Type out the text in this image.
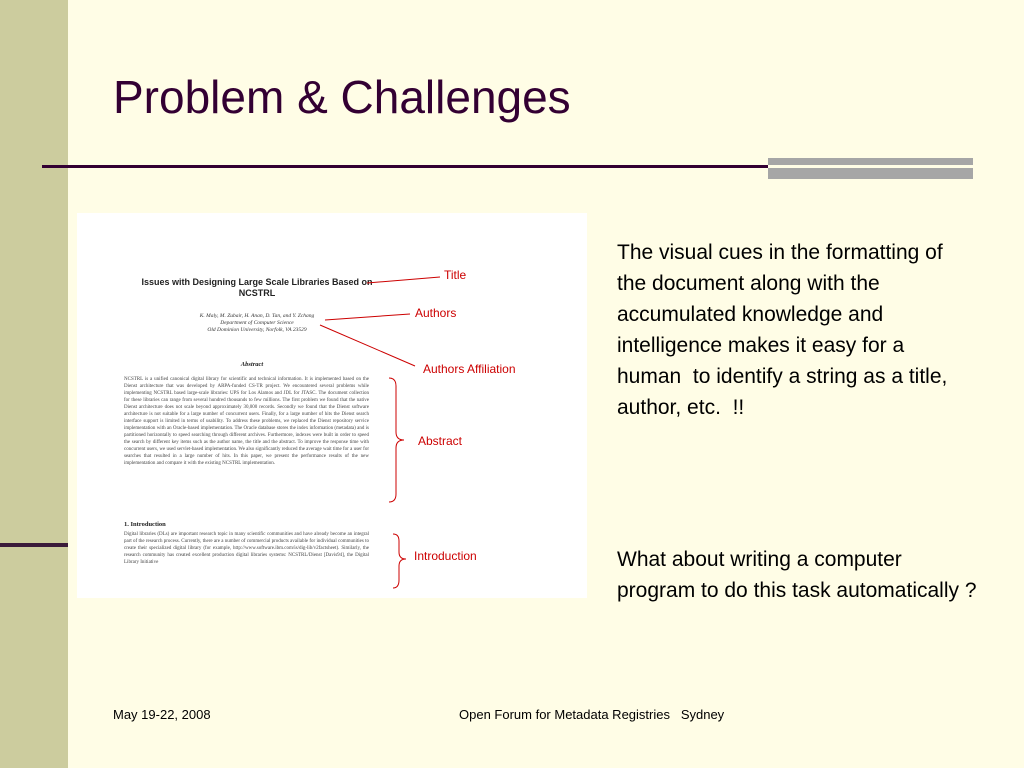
Problem & Challenges
Issues with Designing Large Scale Libraries Based on NCSTRL
K. Maly, M. Zubair, H. Anan, D. Tan, and Y. Zchang
Department of Computer Science
Old Dominion University, Norfolk, VA 23529
Abstract
NCSTRL is a unified canonical digital library for scientific and technical information. It is implemented based on the Dienst architecture that was developed by ARPA-funded CS-TR project. We encountered several problems while implementing NCSTRL based large-scale libraries: UPS for Los Alamos and JDL for JTASC. The document collection for these libraries can range from several hundred thousands to few millions. The first problem we found that the native Dienst architecture does not scale beyond approximately 30,000 records. Secondly we found that the Dienst software architecture is not suitable for a large number of concurrent users. Finally, for a large number of hits the Dienst search interface support is limited in terms of usability. To address these problems, we replaced the Dienst repository service implementation with an Oracle-based implementation. The Oracle database stores the index information (metadata) and is partitioned horizontally to speed searching through different archives. Furthermore, indexes were built in order to speed the search by different key items such as the author name, the title and the abstract. To improve the response time with concurrent users, we used servlet-based implementation. We also significantly reduced the average wait time for a user for searches that resulted in a large number of hits. In this paper, we present the performance results of the new implementation and compare it with the existing NCSTRL implementation.
1. Introduction
Digital libraries (DLs) are important research topic in many scientific communities and have already become an integral part of the research process. Currently, there are a number of commercial products available for individual communities to create their specialized digital library (for example, http://www.software.ibm.com/is/dig-lib/v2factsheet). Similarly, the research community has created excellent production digital libraries systems: NCSTRL/Dienst [Davis94], the Digital Library Initiative
Title
Authors
Authors Affiliation
Abstract
Introduction
The visual cues in the formatting of the document along with the accumulated knowledge and intelligence makes it easy for a  human  to identify a string as a title, author, etc.  !!
What about writing a computer program to do this task automatically ?
May 19-22, 2008	Open Forum for Metadata Registries   Sydney
